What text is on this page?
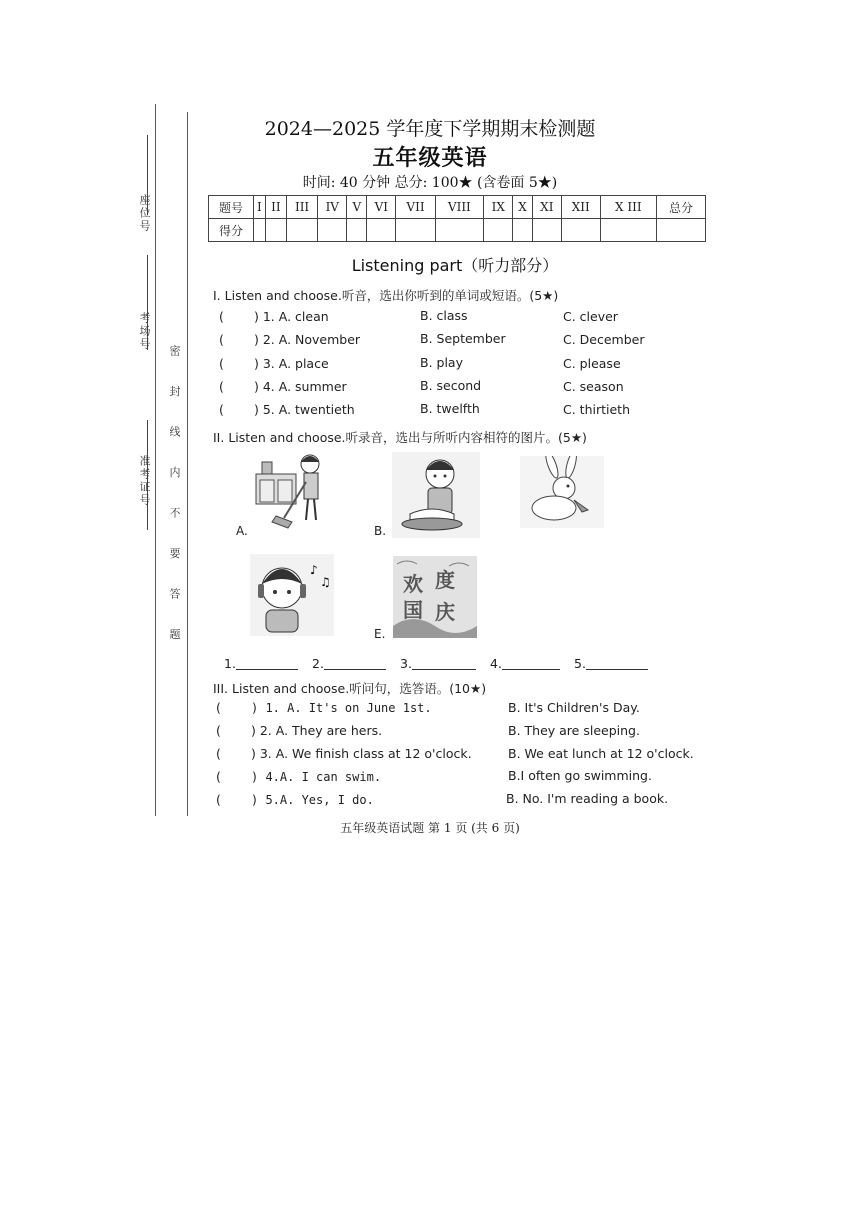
座位号
考场号
准考证号 密 封 线 内 不 要 答 题
2024—2025 学年度下学期期末检测题
五年级英语
时间: 40 分钟 总分: 100★ (含卷面 5★)
题号	I	II	III	IV	V	VI	VII	VIII	IX	X	XI	XII	X III	总分
得分														
Listening part（听力部分）
I. Listen and choose.听音，选出你听到的单词或短语。(5★)
( ) 1. A. clean	B. class	C. clever
( ) 2. A. November	B. September	C. December
( ) 3. A. place	B. play	C. please
( ) 4. A. summer	B. second	C. season
( ) 5. A. twentieth	B. twelfth	C. thirtieth
II. Listen and choose.听录音，选出与所听内容相符的图片。(5★)
A.	B.
♪
♫	欢 度
国 庆
E.
1.	2.	3.	4.	5.
III. Listen and choose.听问句，选答语。(10★)
(	) 1. A. It's on June 1st.	B. It's Children's Day.
( ) 2. A. They are hers.	B. They are sleeping.
( ) 3. A. We finish class at 12 o'clock.	B. We eat lunch at 12 o'clock.
(	) 4.A. I can swim.	B.I often go swimming.
(	) 5.A. Yes, I do.	B. No. I'm reading a book.
五年级英语试题 第 1 页 (共 6 页)
